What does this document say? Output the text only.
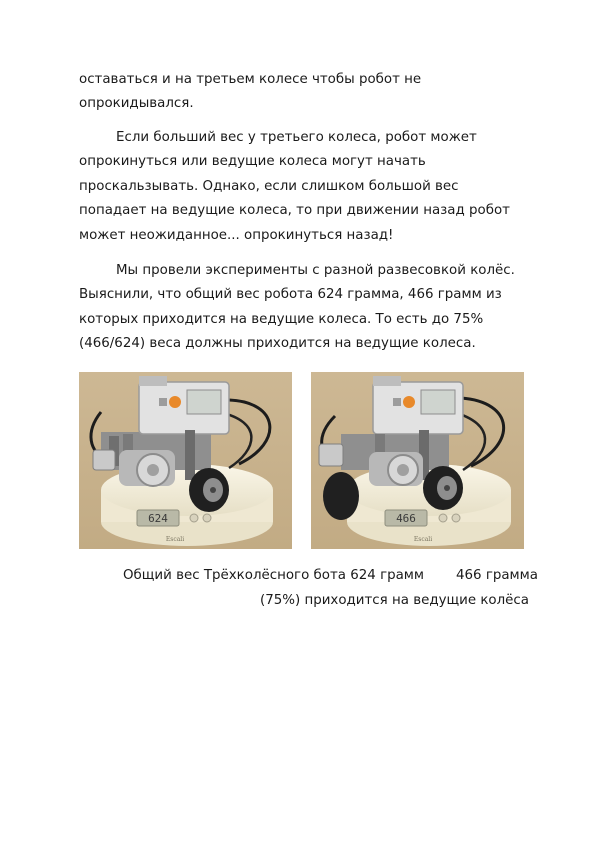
оставаться и на третьем колесе чтобы робот не
опрокидывался.
Если больший вес у третьего колеса, робот может
опрокинуться или ведущие колеса могут начать
проскальзывать. Однако, если слишком большой вес
попадает на ведущие колеса, то при движении назад робот
может неожиданное... опрокинуться назад!
Мы провели эксперименты с разной развесовкой колёс.
Выяснили, что общий вес робота 624 грамма, 466 грамм из
которых приходится на ведущие колеса. То есть до 75%
(466/624) веса должны приходится на ведущие колеса.
624
Escali
466
Escali
Общий вес Трёхколёсного бота 624 грамм 466 грамма
(75%) приходится на ведущие колёса
